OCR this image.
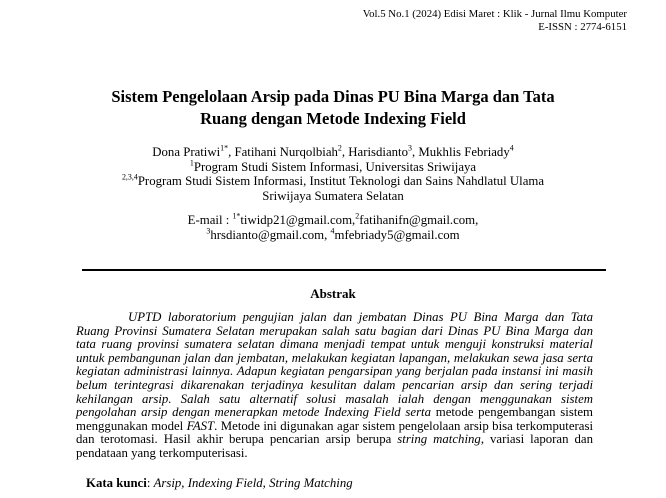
Vol.5 No.1 (2024) Edisi Maret : Klik - Jurnal Ilmu Komputer
E-ISSN : 2774-6151
Sistem Pengelolaan Arsip pada Dinas PU Bina Marga dan Tata
Ruang dengan Metode Indexing Field
Dona Pratiwi$^{1*}$, Fatihani Nurqolbiah$^2$, Harisdianto$^3$, Mukhlis Febriady$^4$
$^1$Program Studi Sistem Informasi, Universitas Sriwijaya
$^{2,3,4}$Program Studi Sistem Informasi, Institut Teknologi dan Sains Nahdlatul Ulama
Sriwijaya Sumatera Selatan
E-mail : $^{1*}$tiwidp21@gmail.com,$^2$fatihanifn@gmail.com,
$^3$hrsdianto@gmail.com, $^4$mfebriady5@gmail.com
Abstrak

UPTD laboratorium pengujian jalan dan jembatan Dinas PU Bina Marga dan Tata Ruang Provinsi Sumatera Selatan merupakan salah satu bagian dari Dinas PU Bina Marga dan tata ruang provinsi sumatera selatan dimana menjadi tempat untuk menguji konstruksi material untuk pembangunan jalan dan jembatan, melakukan kegiatan lapangan, melakukan sewa jasa serta kegiatan administrasi lainnya. Adapun kegiatan pengarsipan yang berjalan pada instansi ini masih belum terintegrasi dikarenakan terjadinya kesulitan dalam pencarian arsip dan sering terjadi kehilangan arsip. Salah satu alternatif solusi masalah ialah dengan menggunakan sistem pengolahan arsip dengan menerapkan metode Indexing Field serta metode pengembangan sistem menggunakan model FAST. Metode ini digunakan agar sistem pengelolaan arsip bisa terkomputerasi dan terotomasi. Hasil akhir berupa pencarian arsip berupa string matching, variasi laporan dan pendataan yang terkomputerisasi.

Kata kunci: Arsip, Indexing Field, String Matching
